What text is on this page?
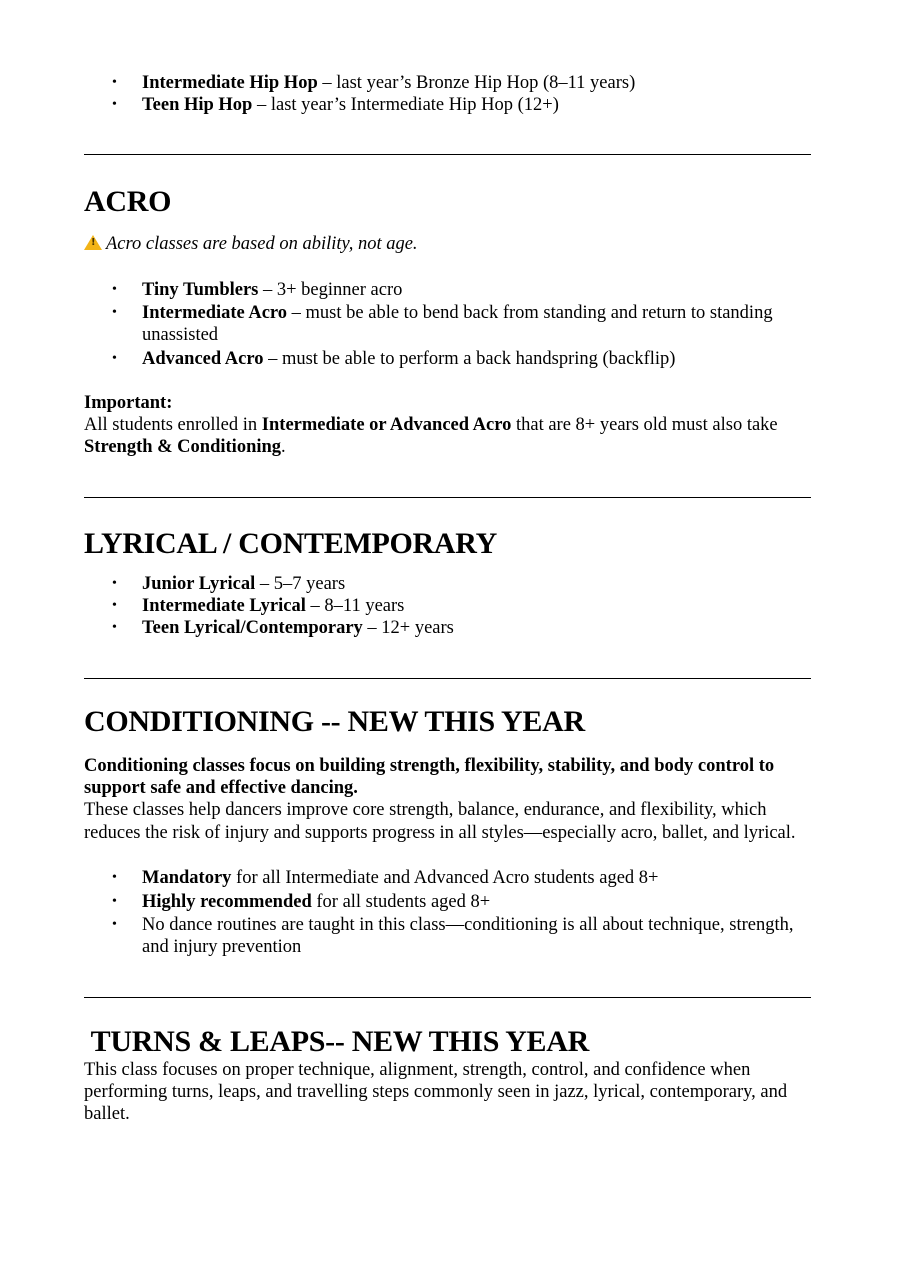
• Intermediate Hip Hop – last year’s Bronze Hip Hop (8–11 years)
• Teen Hip Hop – last year’s Intermediate Hip Hop (12+)
ACRO

! Acro classes are based on ability, not age.

• Tiny Tumblers – 3+ beginner acro
• Intermediate Acro – must be able to bend back from standing and return to standing unassisted
• Advanced Acro – must be able to perform a back handspring (backflip)

Important:

All students enrolled in Intermediate or Advanced Acro that are 8+ years old must also take Strength & Conditioning.

LYRICAL / CONTEMPORARY
• Junior Lyrical – 5–7 years
• Intermediate Lyrical – 8–11 years
• Teen Lyrical/Contemporary – 12+ years
CONDITIONING -- NEW THIS YEAR

Conditioning classes focus on building strength, flexibility, stability, and body control to support safe and effective dancing.

These classes help dancers improve core strength, balance, endurance, and flexibility, which reduces the risk of injury and supports progress in all styles—especially acro, ballet, and lyrical.

• Mandatory for all Intermediate and Advanced Acro students aged 8+
• Highly recommended for all students aged 8+
• No dance routines are taught in this class—conditioning is all about technique, strength, and injury prevention
TURNS & LEAPS-- NEW THIS YEAR

This class focuses on proper technique, alignment, strength, control, and confidence when performing turns, leaps, and travelling steps commonly seen in jazz, lyrical, contemporary, and ballet.
